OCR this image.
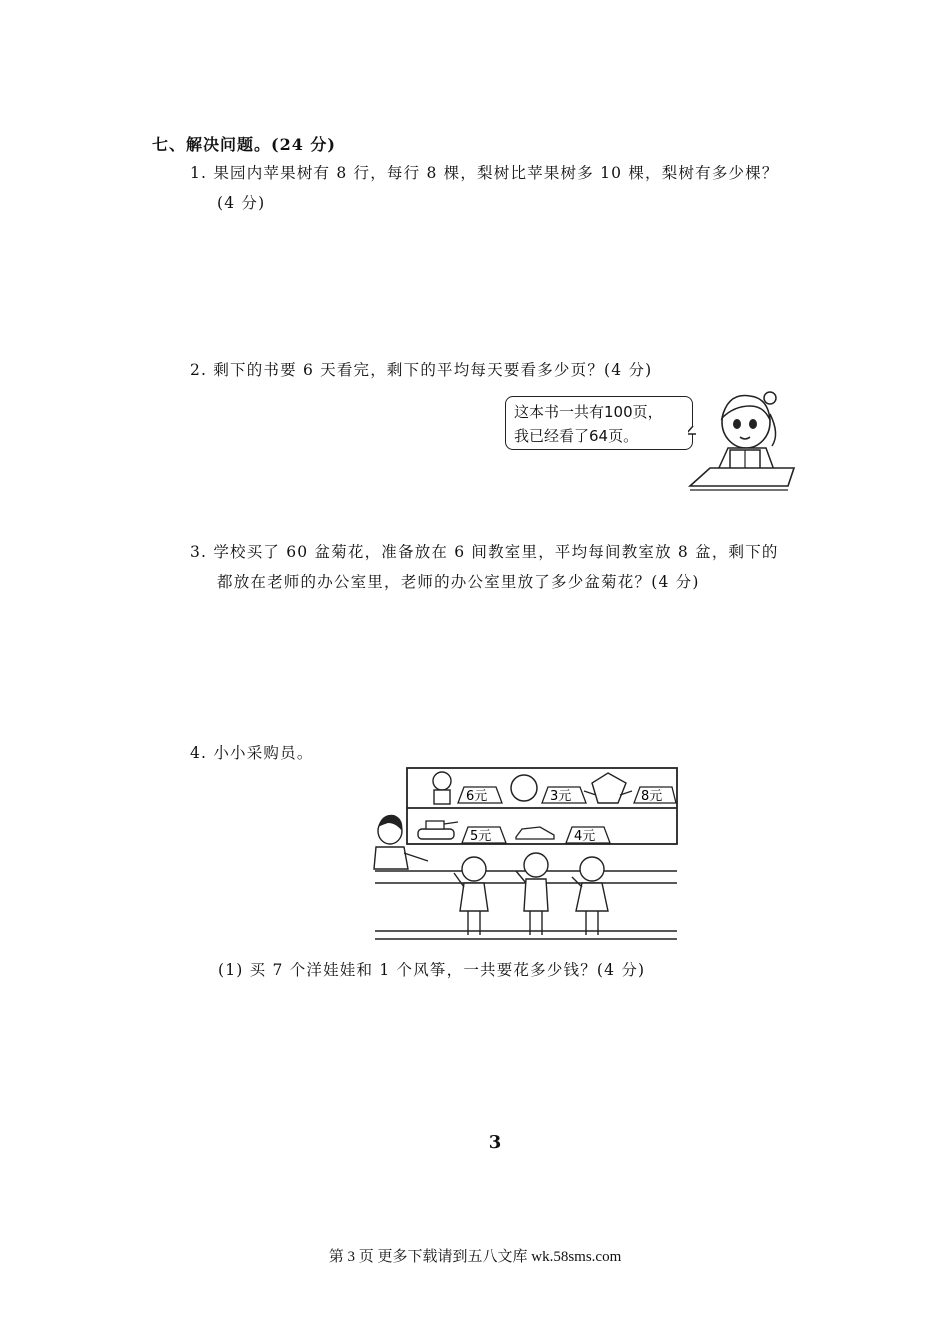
七、解决问题。(24 分)
1. 果园内苹果树有 8 行，每行 8 棵，梨树比苹果树多 10 棵，梨树有多少棵？
(4 分)
2. 剩下的书要 6 天看完，剩下的平均每天要看多少页？(4 分)
这本书一共有100页，
我已经看了64页。
3. 学校买了 60 盆菊花，准备放在 6 间教室里，平均每间教室放 8 盆，剩下的
都放在老师的办公室里，老师的办公室里放了多少盆菊花？(4 分)
4. 小小采购员。
6元	3元	8元
5元	4元
(1) 买 7 个洋娃娃和 1 个风筝，一共要花多少钱？(4 分)
3
第 3 页 更多下载请到五八文库 wk.58sms.com
